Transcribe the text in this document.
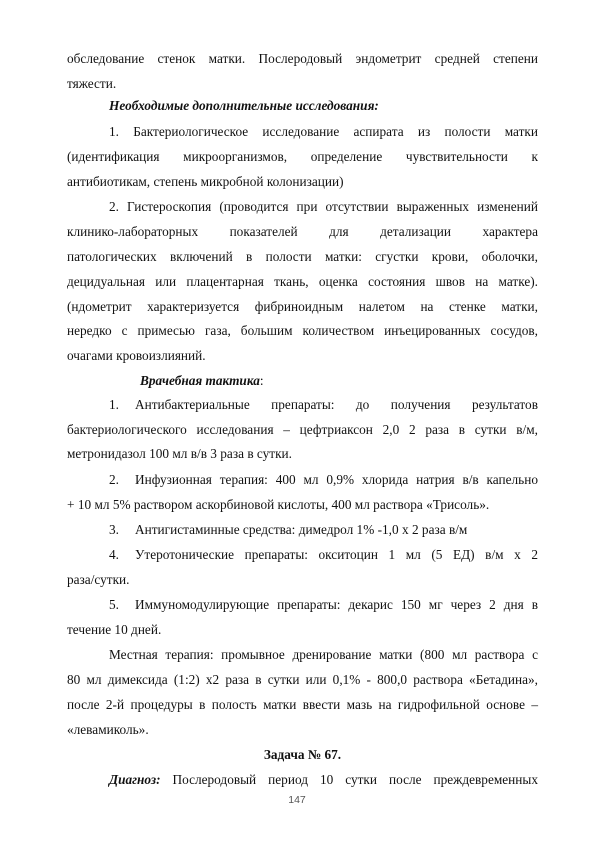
обследование стенок матки. Послеродовый эндометрит средней степени
тяжести.
Необходимые дополнительные исследования:
1. Бактериологическое исследование аспирата из полости матки
(идентификация микроорганизмов, определение чувствительности к
антибиотикам, степень микробной колонизации)
2. Гистероскопия (проводится при отсутствии выраженных изменений
клинико-лабораторных показателей для детализации характера
патологических включений в полости матки: сгустки крови, оболочки,
децидуальная или плацентарная ткань, оценка состояния швов на матке).
(ндометрит характеризуется фибриноидным налетом на стенке матки,
нередко с примесью газа, большим количеством инъецированных сосудов,
очагами кровоизлияний.
Врачебная тактика:
1. Антибактериальные препараты: до получения результатов
бактериологического исследования – цефтриаксон 2,0 2 раза в сутки в/м,
метронидазол 100 мл в/в 3 раза в сутки.
2. Инфузионная терапия: 400 мл 0,9% хлорида натрия в/в капельно
+ 10 мл 5% раствором аскорбиновой кислоты, 400 мл раствора «Трисоль».
3. Антигистаминные средства: димедрол 1% -1,0 х 2 раза в/м
4. Утеротонические препараты: окситоцин 1 мл (5 ЕД) в/м х 2
раза/сутки.
5. Иммуномодулирующие препараты: декарис 150 мг через 2 дня в
течение 10 дней.
Местная терапия: промывное дренирование матки (800 мл раствора с
80 мл димексида (1:2) х2 раза в сутки или 0,1% - 800,0 раствора «Бетадина»,
после 2-й процедуры в полость матки ввести мазь на гидрофильной основе –
«левамиколь».
Задача № 67.
Диагноз: Послеродовый период 10 сутки после преждевременных
147
